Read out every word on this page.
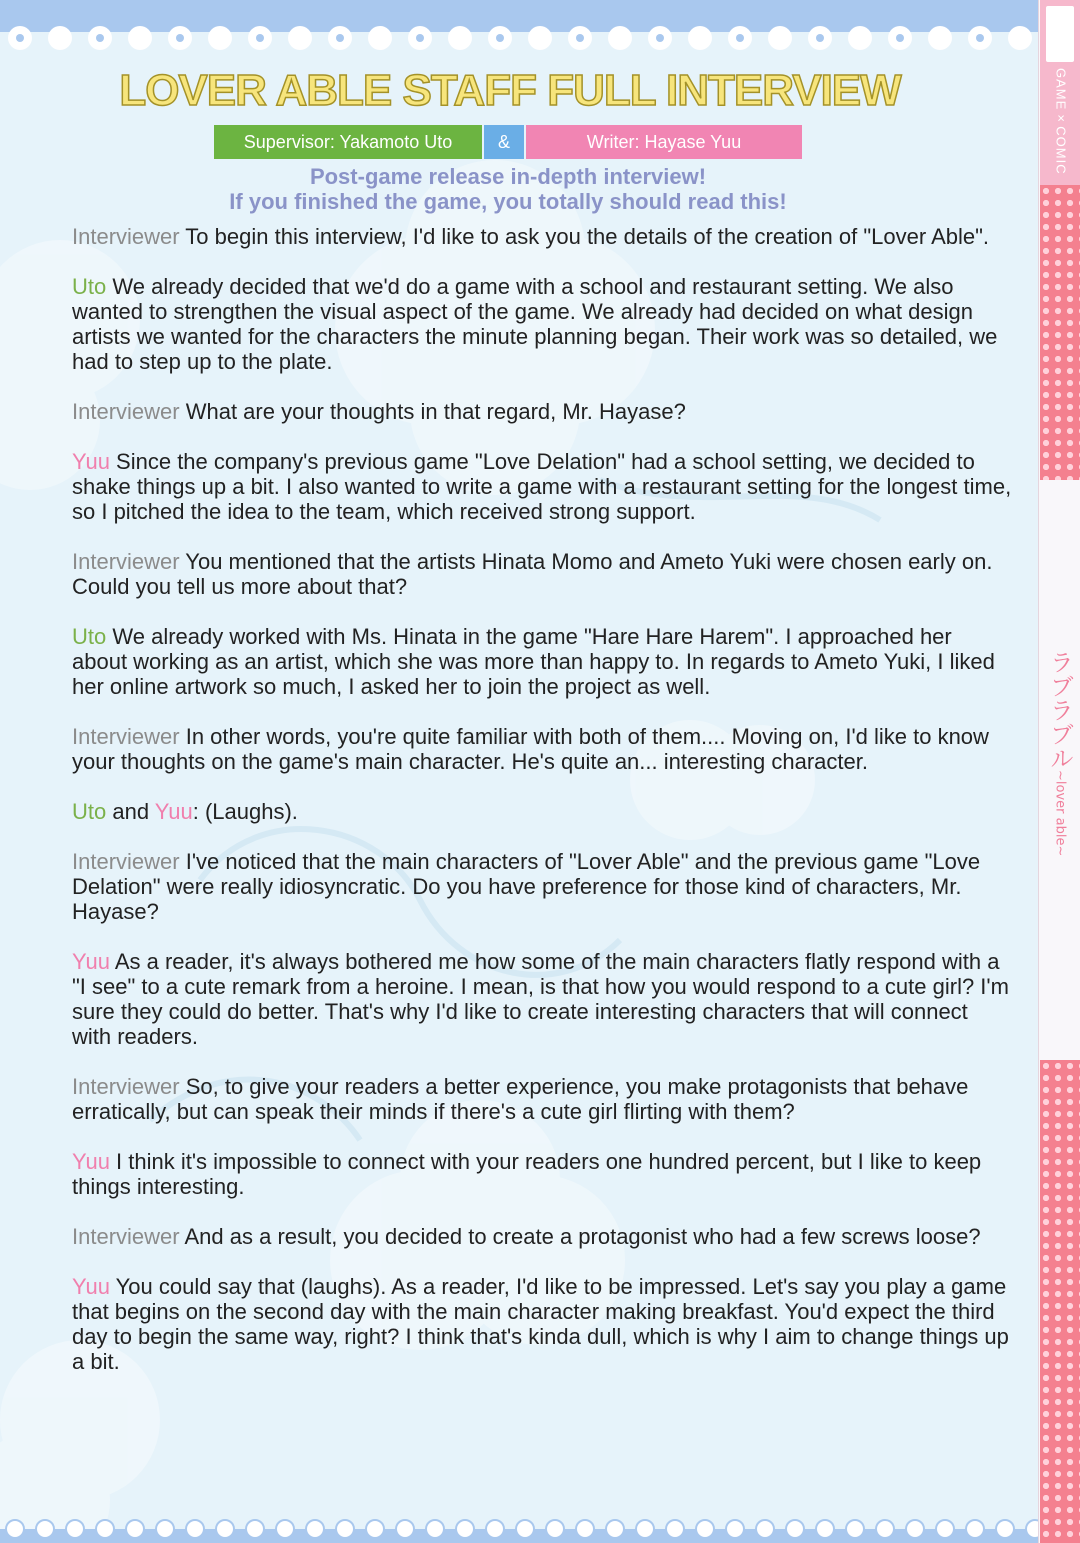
GAME×COMIC
ラブラブル
~lover able~
LOVER ABLE STAFF FULL INTERVIEW
Supervisor: Yakamoto Uto	&	Writer: Hayase Yuu
Post-game release in-depth interview!
If you finished the game, you totally should read this!

Interviewer To begin this interview, I'd like to ask you the details of the creation of "Lover Able".

Uto We already decided that we'd do a game with a school and restaurant setting. We also wanted to strengthen the visual aspect of the game. We already had decided on what design artists we wanted for the characters the minute planning began. Their work was so detailed, we had to step up to the plate.

Interviewer What are your thoughts in that regard, Mr. Hayase?

Yuu Since the company's previous game "Love Delation" had a school setting, we decided to shake things up a bit. I also wanted to write a game with a restaurant setting for the longest time, so I pitched the idea to the team, which received strong support.

Interviewer You mentioned that the artists Hinata Momo and Ameto Yuki were chosen early on. Could you tell us more about that?

Uto We already worked with Ms. Hinata in the game "Hare Hare Harem". I approached her about working as an artist, which she was more than happy to. In regards to Ameto Yuki, I liked her online artwork so much, I asked her to join the project as well.

Interviewer In other words, you're quite familiar with both of them.... Moving on, I'd like to know your thoughts on the game's main character. He's quite an... interesting character.

Uto and Yuu: (Laughs).

Interviewer I've noticed that the main characters of "Lover Able" and the previous game "Love Delation" were really idiosyncratic. Do you have preference for those kind of characters, Mr. Hayase?

Yuu As a reader, it's always bothered me how some of the main characters flatly respond with a "I see" to a cute remark from a heroine. I mean, is that how you would respond to a cute girl? I'm sure they could do better. That's why I'd like to create interesting characters that will connect with readers.

Interviewer So, to give your readers a better experience, you make protagonists that behave erratically, but can speak their minds if there's a cute girl flirting with them?

Yuu I think it's impossible to connect with your readers one hundred percent, but I like to keep things interesting.

Interviewer And as a result, you decided to create a protagonist who had a few screws loose?

Yuu You could say that (laughs). As a reader, I'd like to be impressed. Let's say you play a game that begins on the second day with the main character making breakfast. You'd expect the third day to begin the same way, right? I think that's kinda dull, which is why I aim to change things up a bit.
